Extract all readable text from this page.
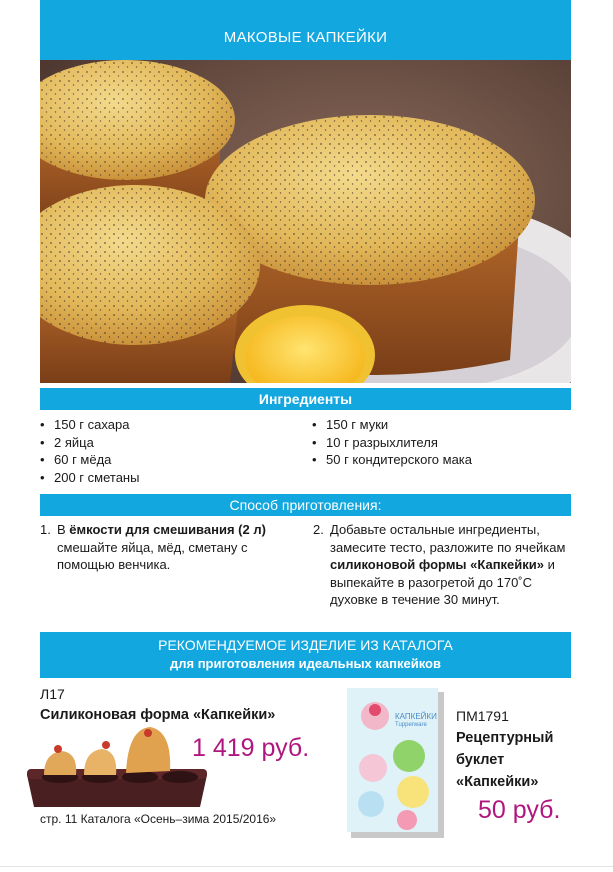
МАКОВЫЕ КАПКЕЙКИ
Ингредиенты
• 150 г сахара
• 2 яйца
• 60 г мёда
• 200 г сметаны
• 150 г муки
• 10 г разрыхлителя
• 50 г кондитерского мака
Способ приготовления:
1. В ёмкости для смешивания (2 л) смешайте яйца, мёд, сметану с помощью венчика.
2. Добавьте остальные ингредиенты, замесите тесто, разложите по ячейкам силиконовой формы «Капкейки» и выпекайте в разогретой до 170˚С духовке в течение 30 минут.
РЕКОМЕНДУЕМОЕ ИЗДЕЛИЕ ИЗ КАТАЛОГА
для приготовления идеальных капкейков
Л17
Силиконовая форма «Капкейки»
1 419 руб.
стр. 11 Каталога «Осень–зима 2015/2016»
КАПКЕЙКИ
Tupperware
ПМ1791
Рецептурный
буклет
«Капкейки»
50 руб.
